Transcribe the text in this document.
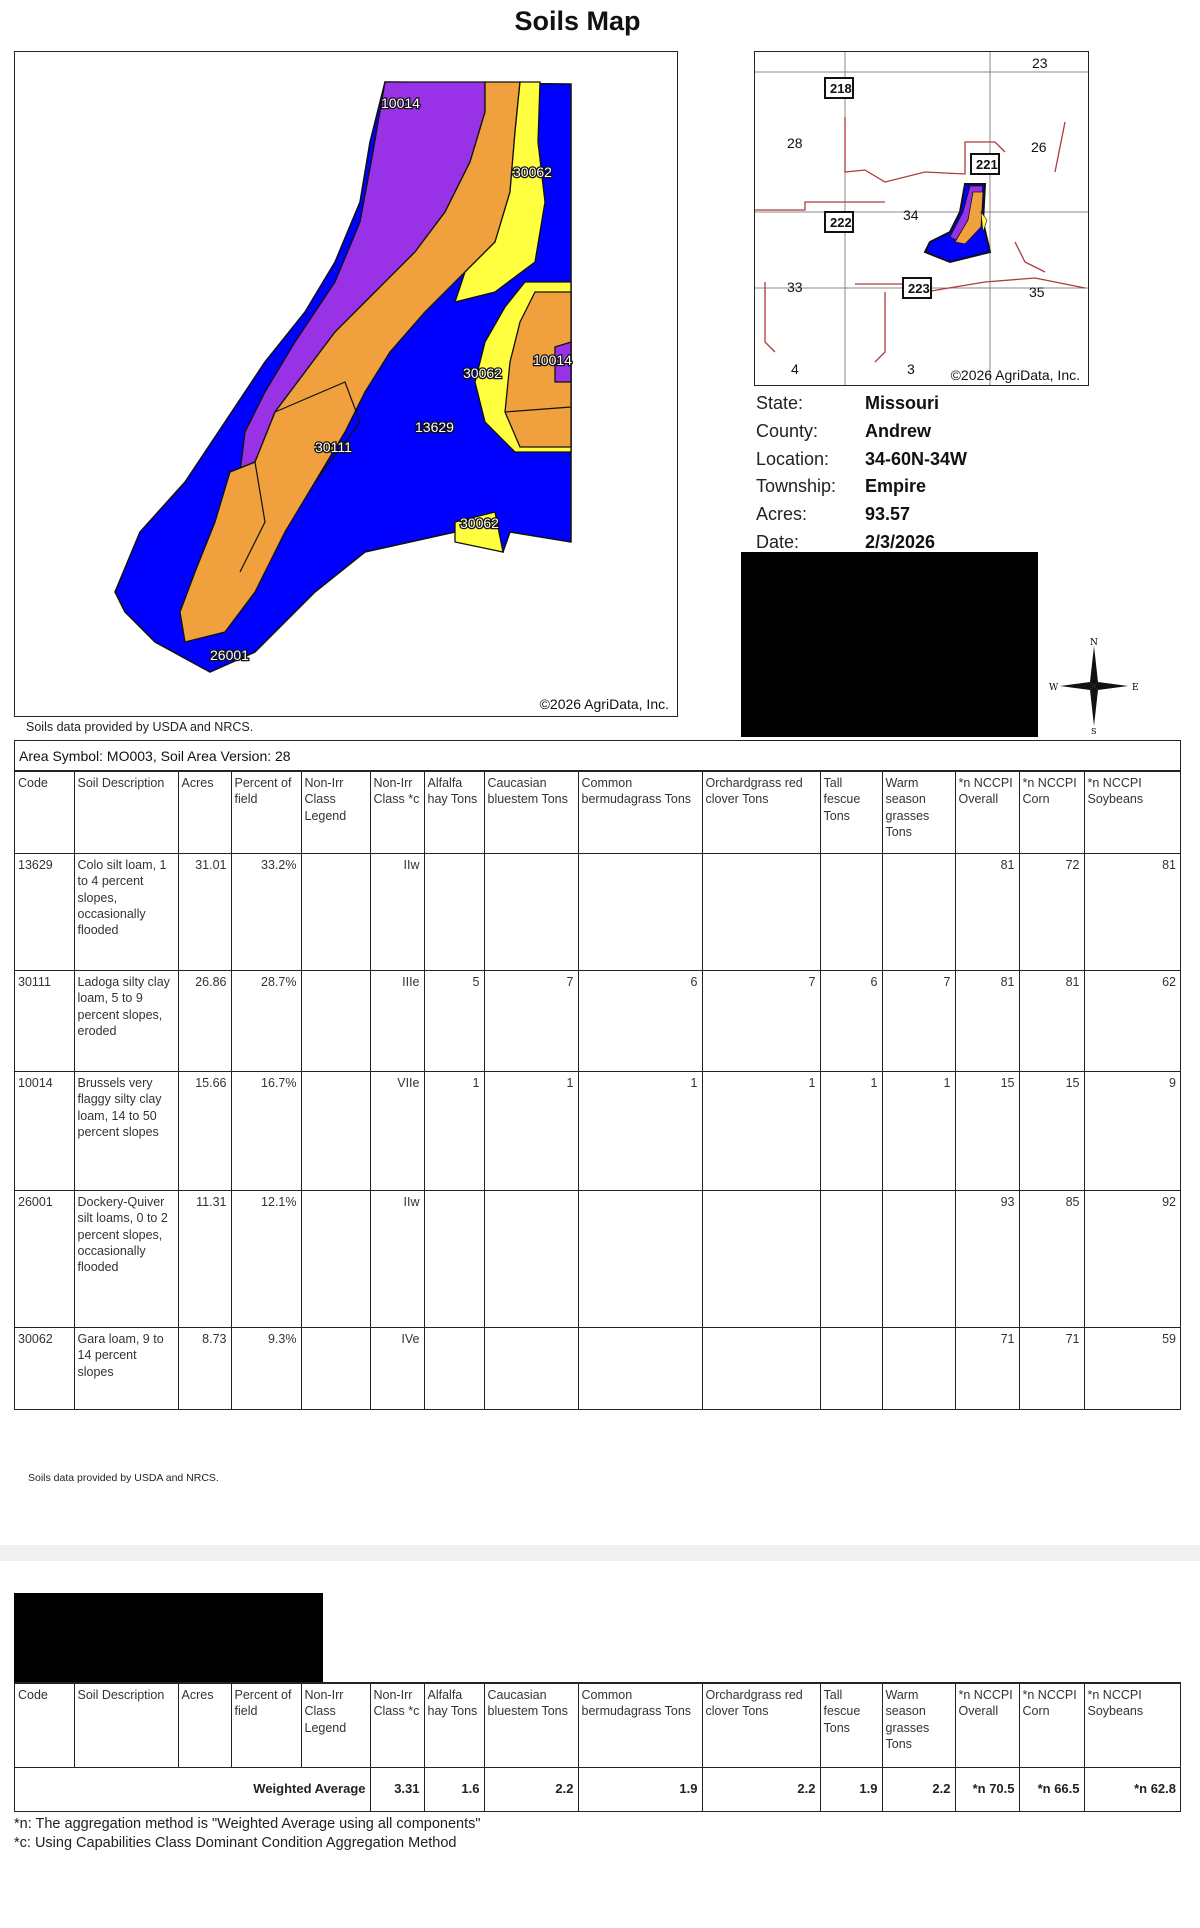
Soils Map
10014
30062
30062
10014
13629
30111
30062
26001
©2026 AgriData, Inc.
218
221
222
223
23
28	26
34
33	35
4	3	©2026 AgriData, Inc.
State:	Missouri
County:	Andrew
Location:	34-60N-34W
Township:	Empire
Acres:	93.57
Date:	2/3/2026
N
E
S
W
Soils data provided by USDA and NRCS.
Area Symbol: MO003, Soil Area Version: 28
Code	Soil Description	Acres	Percent of field	Non-Irr Class Legend	Non-Irr Class *c	Alfalfa hay Tons	Caucasian bluestem Tons	Common bermudagrass Tons	Orchardgrass red clover Tons	Tall fescue Tons	Warm season grasses Tons	*n NCCPI Overall	*n NCCPI Corn	*n NCCPI Soybeans
13629	Colo silt loam, 1 to 4 percent slopes, occasionally flooded	31.01	33.2%		IIw							81	72	81
30111	Ladoga silty clay loam, 5 to 9 percent slopes, eroded	26.86	28.7%		IIIe	5	7	6	7	6	7	81	81	62
10014	Brussels very flaggy silty clay loam, 14 to 50 percent slopes	15.66	16.7%		VIIe	1	1	1	1	1	1	15	15	9
26001	Dockery-Quiver silt loams, 0 to 2 percent slopes, occasionally flooded	11.31	12.1%		IIw							93	85	92
30062	Gara loam, 9 to 14 percent slopes	8.73	9.3%		IVe							71	71	59
Soils data provided by USDA and NRCS.
Code	Soil Description	Acres	Percent of field	Non-Irr Class Legend	Non-Irr Class *c	Alfalfa hay Tons	Caucasian bluestem Tons	Common bermudagrass Tons	Orchardgrass red clover Tons	Tall fescue Tons	Warm season grasses Tons	*n NCCPI Overall	*n NCCPI Corn	*n NCCPI Soybeans
Weighted Average					3.31	1.6	2.2	1.9	2.2	1.9	2.2	*n 70.5	*n 66.5	*n 62.8
*n: The aggregation method is "Weighted Average using all components"
*c: Using Capabilities Class Dominant Condition Aggregation Method
